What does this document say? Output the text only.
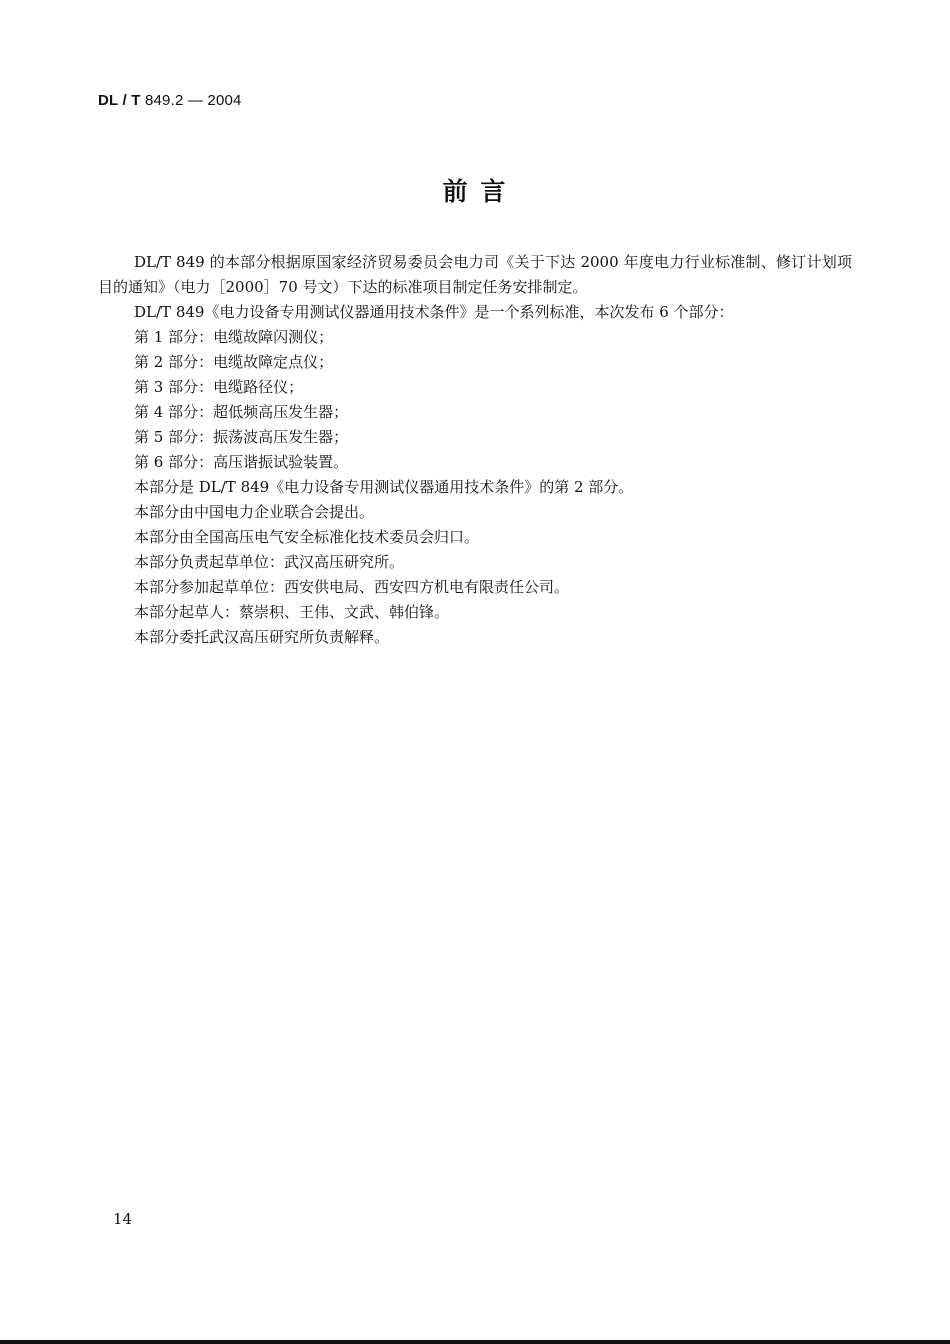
DL / T 849.2 — 2004
前 言

DL/T 849 的本部分根据原国家经济贸易委员会电力司《关于下达 2000 年度电力行业标准制、修订计划项目的通知》（电力［2000］70 号文）下达的标准项目制定任务安排制定。

DL/T 849《电力设备专用测试仪器通用技术条件》是一个系列标准，本次发布 6 个部分：

第 1 部分：电缆故障闪测仪；

第 2 部分：电缆故障定点仪；

第 3 部分：电缆路径仪；

第 4 部分：超低频高压发生器；

第 5 部分：振荡波高压发生器；

第 6 部分：高压谐振试验装置。

本部分是 DL/T 849《电力设备专用测试仪器通用技术条件》的第 2 部分。

本部分由中国电力企业联合会提出。

本部分由全国高压电气安全标准化技术委员会归口。

本部分负责起草单位：武汉高压研究所。

本部分参加起草单位：西安供电局、西安四方机电有限责任公司。

本部分起草人：蔡崇积、王伟、文武、韩伯锋。

本部分委托武汉高压研究所负责解释。

14
